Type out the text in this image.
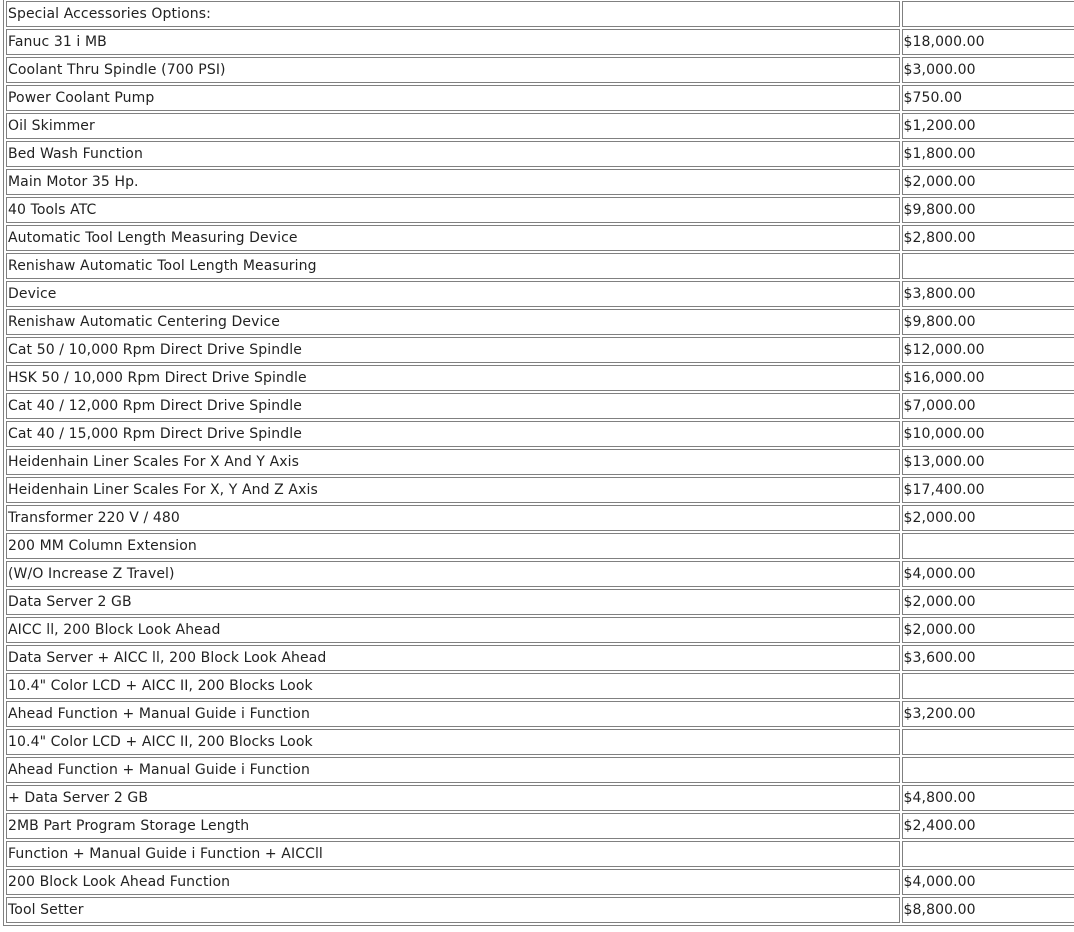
Special Accessories Options:	
Fanuc 31 i MB	$18,000.00
Coolant Thru Spindle (700 PSI)	$3,000.00
Power Coolant Pump	$750.00
Oil Skimmer	$1,200.00
Bed Wash Function	$1,800.00
Main Motor 35 Hp.	$2,000.00
40 Tools ATC	$9,800.00
Automatic Tool Length Measuring Device	$2,800.00
Renishaw Automatic Tool Length Measuring	
Device	$3,800.00
Renishaw Automatic Centering Device	$9,800.00
Cat 50 / 10,000 Rpm Direct Drive Spindle	$12,000.00
HSK 50 / 10,000 Rpm Direct Drive Spindle	$16,000.00
Cat 40 / 12,000 Rpm Direct Drive Spindle	$7,000.00
Cat 40 / 15,000 Rpm Direct Drive Spindle	$10,000.00
Heidenhain Liner Scales For X And Y Axis	$13,000.00
Heidenhain Liner Scales For X, Y And Z Axis	$17,400.00
Transformer 220 V / 480	$2,000.00
200 MM Column Extension	
(W/O Increase Z Travel)	$4,000.00
Data Server 2 GB	$2,000.00
AICC ll, 200 Block Look Ahead	$2,000.00
Data Server + AICC ll, 200 Block Look Ahead	$3,600.00
10.4" Color LCD + AICC II, 200 Blocks Look	
Ahead Function + Manual Guide i Function	$3,200.00
10.4" Color LCD + AICC II, 200 Blocks Look	
Ahead Function + Manual Guide i Function	
+ Data Server 2 GB	$4,800.00
2MB Part Program Storage Length	$2,400.00
Function + Manual Guide i Function + AICCll	
200 Block Look Ahead Function	$4,000.00
Tool Setter	$8,800.00
